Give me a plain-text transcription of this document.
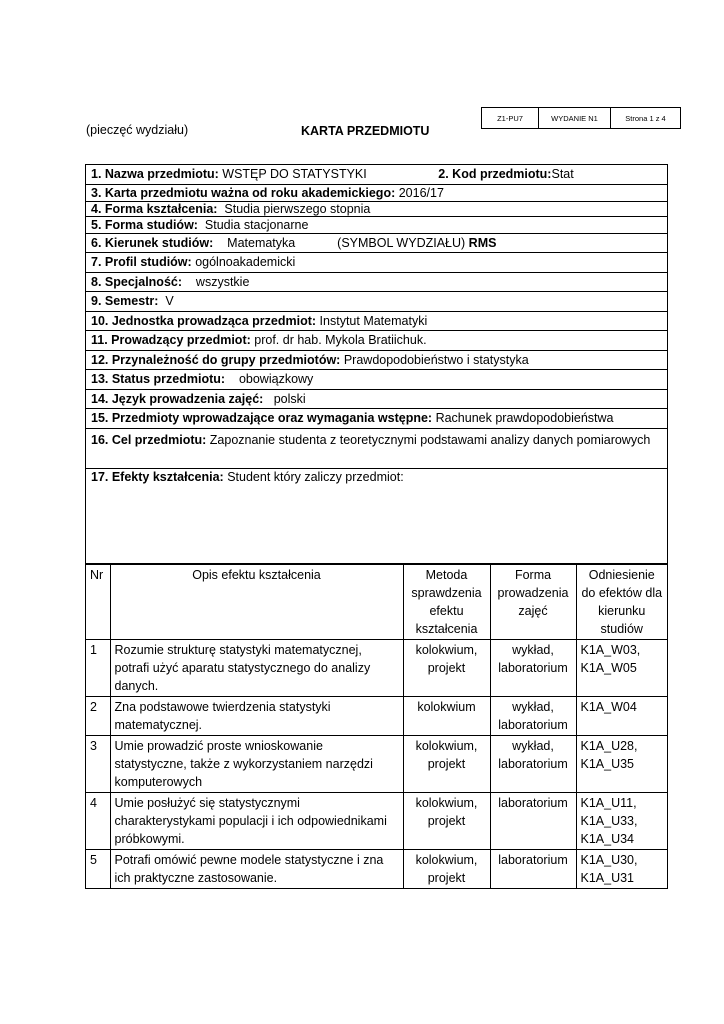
Z1-PU7	WYDANIE N1	Strona 1 z 4
(pieczęć wydziału)	KARTA PRZEDMIOTU
1. Nazwa przedmiotu:
WSTĘP DO STATYSTYKI	2. Kod przedmiotu: Stat
3. Karta przedmiotu ważna od roku akademickiego:
2016/17
4. Forma kształcenia:
Studia pierwszego stopnia
5. Forma studiów:
Studia stacjonarne
6. Kierunek studiów:
Matematyka	(SYMBOL WYDZIAŁU)
RMS
7. Profil studiów:
ogólnoakademicki
8. Specjalność:
wszystkie
9. Semestr:
V
10. Jednostka prowadząca przedmiot:
Instytut Matematyki
11. Prowadzący przedmiot:
prof. dr hab. Mykola Bratiichuk.
12. Przynależność do grupy przedmiotów:
Prawdopodobieństwo i statystyka
13. Status przedmiotu:
obowiązkowy
14. Język prowadzenia zajęć:
polski
15. Przedmioty wprowadzające oraz wymagania wstępne:
Rachunek prawdopodobieństwa
16. Cel przedmiotu: Zapoznanie studenta z teoretycznymi podstawami analizy danych pomiarowych
17. Efekty kształcenia:
Student który zaliczy przedmiot:
Nr	Opis efektu kształcenia	Metoda sprawdzenia efektu kształcenia	Forma prowadzenia zajęć	Odniesienie do efektów dla kierunku studiów
1	Rozumie strukturę statystyki matematycznej, potrafi użyć aparatu statystycznego do analizy danych.	kolokwium, projekt	wykład, laboratorium	K1A_W03, K1A_W05
2	Zna podstawowe twierdzenia statystyki matematycznej.	kolokwium	wykład, laboratorium	K1A_W04
3	Umie prowadzić proste wnioskowanie statystyczne, także z wykorzystaniem narzędzi komputerowych	kolokwium, projekt	wykład, laboratorium	K1A_U28, K1A_U35
4	Umie posłużyć się statystycznymi charakterystykami populacji i ich odpowiednikami próbkowymi.	kolokwium, projekt	laboratorium	K1A_U11, K1A_U33, K1A_U34
5	Potrafi omówić pewne modele statystyczne i zna ich praktyczne zastosowanie.	kolokwium, projekt	laboratorium	K1A_U30, K1A_U31
